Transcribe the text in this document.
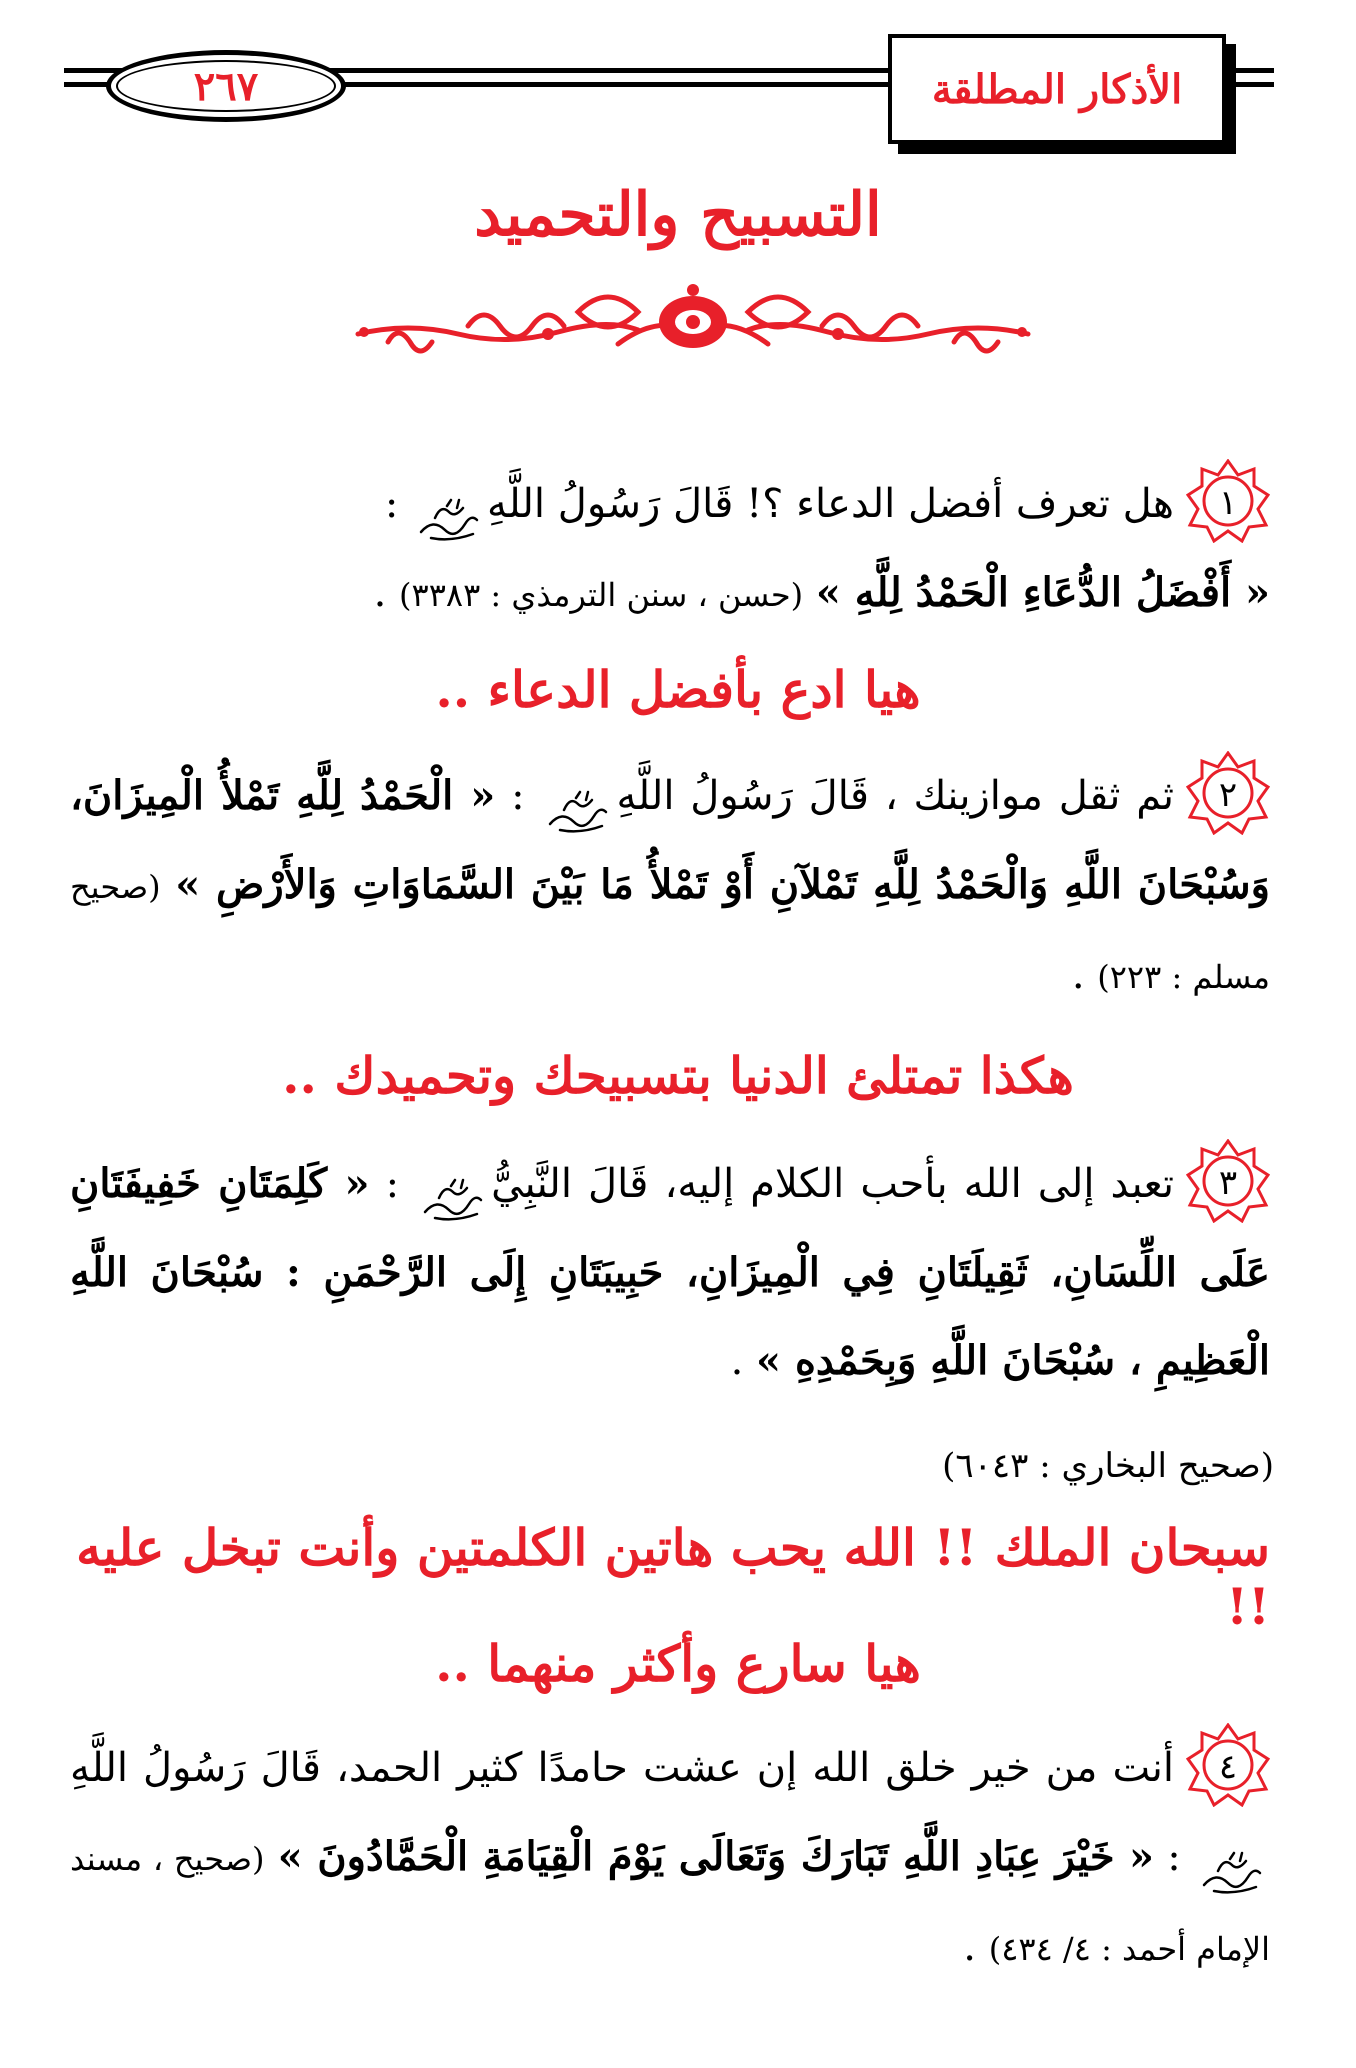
الأذكار المطلقة
٢٦٧
التسبيح والتحميد

١
هل تعرف أفضل الدعاء ؟! قَالَ رَسُولُ اللَّهِ :
« أَفْضَلُ الدُّعَاءِ الْحَمْدُ لِلَّهِ » (حسن ، سنن الترمذي : ٣٣٨٣) .

هيا ادع بأفضل الدعاء ..

٢
ثم ثقل موازينك ، قَالَ رَسُولُ اللَّهِ : « الْحَمْدُ لِلَّهِ تَمْلأُ الْمِيزَانَ، وَسُبْحَانَ اللَّهِ وَالْحَمْدُ لِلَّهِ تَمْلآنِ أَوْ تَمْلأُ مَا بَيْنَ السَّمَاوَاتِ وَالأَرْضِ » (صحيح مسلم : ٢٢٣) .

هكذا تمتلئ الدنيا بتسبيحك وتحميدك ..

٣
تعبد إلى الله بأحب الكلام إليه، قَالَ النَّبِيُّ : « كَلِمَتَانِ خَفِيفَتَانِ عَلَى اللِّسَانِ، ثَقِيلَتَانِ فِي الْمِيزَانِ، حَبِيبَتَانِ إِلَى الرَّحْمَنِ : سُبْحَانَ اللَّهِ الْعَظِيمِ ، سُبْحَانَ اللَّهِ وَبِحَمْدِهِ » .

(صحيح البخاري : ٦٠٤٣)

سبحان الملك !! الله يحب هاتين الكلمتين وأنت تبخل عليه !!

هيا سارع وأكثر منهما ..

٤
أنت من خير خلق الله إن عشت حامدًا كثير الحمد، قَالَ رَسُولُ اللَّهِ : « خَيْرَ عِبَادِ اللَّهِ تَبَارَكَ وَتَعَالَى يَوْمَ الْقِيَامَةِ الْحَمَّادُونَ » (صحيح ، مسند الإمام أحمد : ٤/ ٤٣٤) .
